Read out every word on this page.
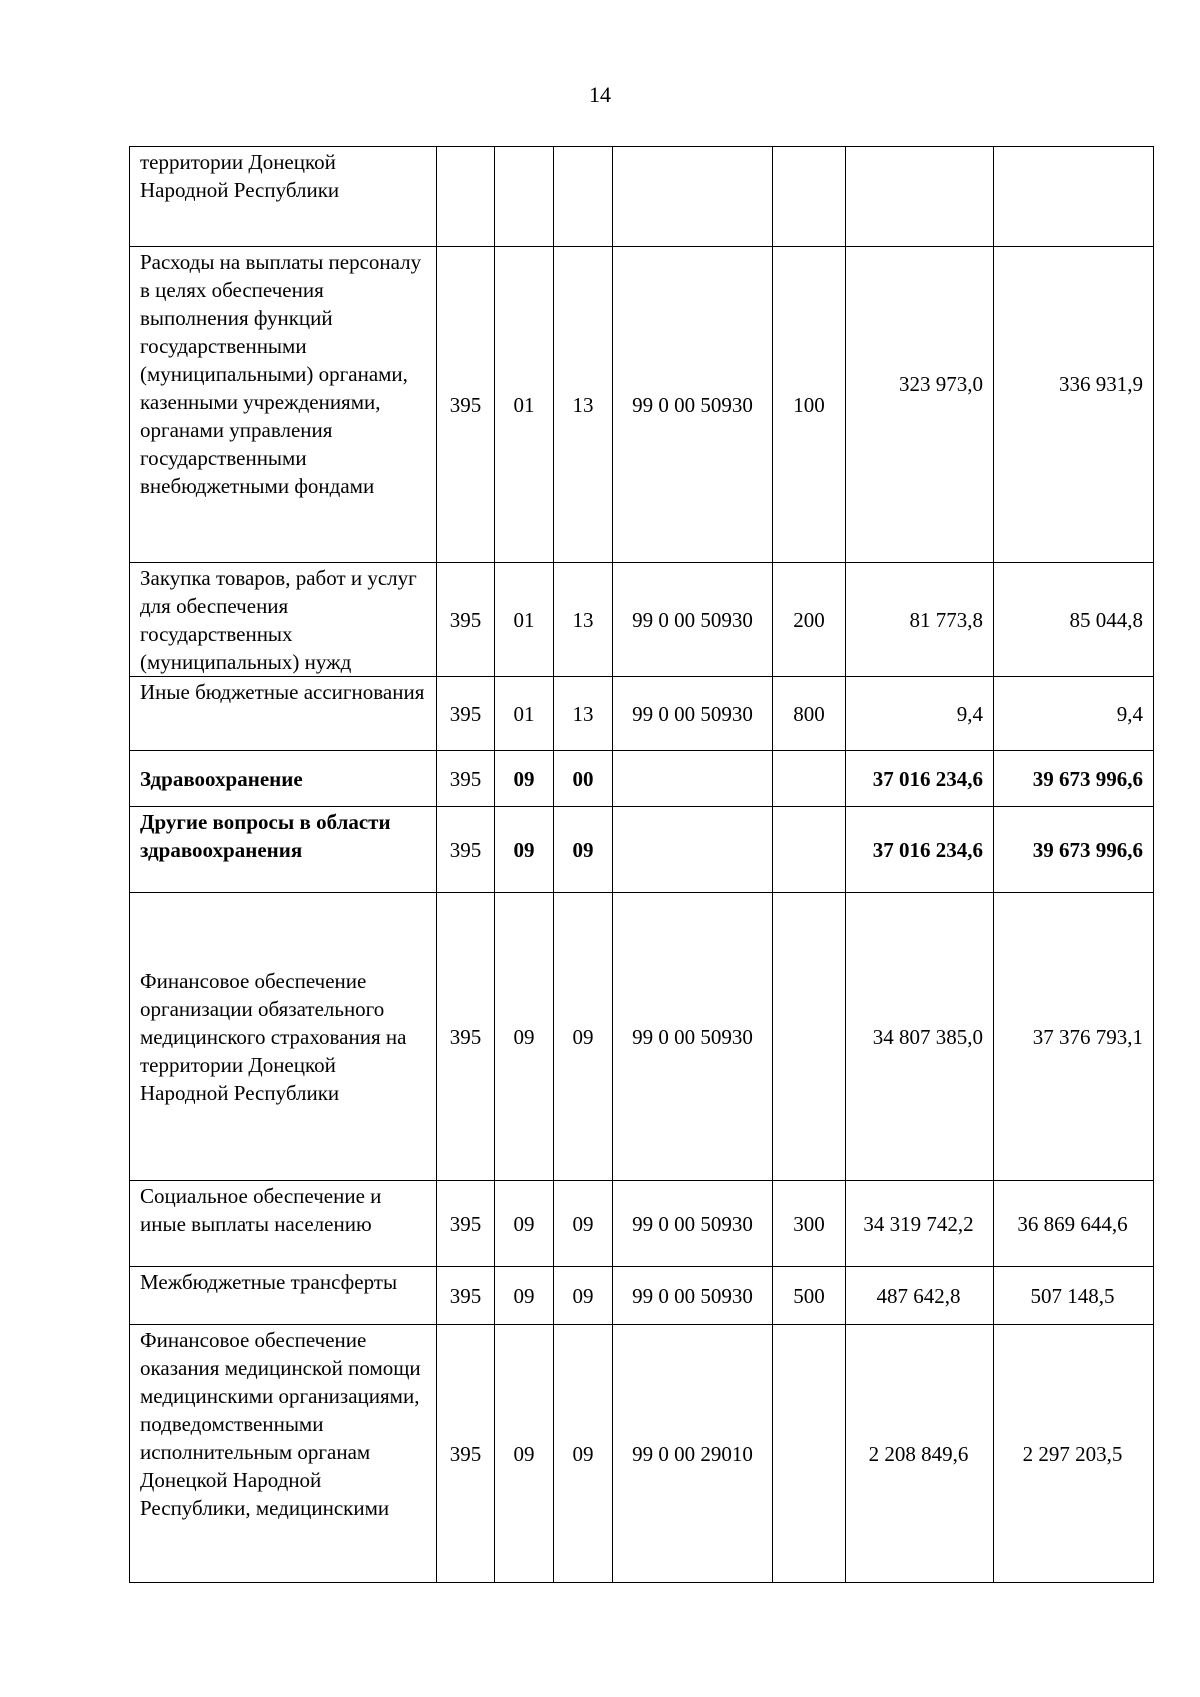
14
территории Донецкой Народной Республики							
Расходы на выплаты персоналу в целях обеспечения выполнения функций государственными (муниципальными) органами, казенными учреждениями, органами управления государственными внебюджетными фондами	395	01	13	99 0 00 50930	100	323 973,0	336 931,9
Закупка товаров, работ и услуг для обеспечения государственных (муниципальных) нужд	395	01	13	99 0 00 50930	200	81 773,8	85 044,8
Иные бюджетные ассигнования	395	01	13	99 0 00 50930	800	9,4	9,4
Здравоохранение	395	09	00			37 016 234,6	39 673 996,6
Другие вопросы в области здравоохранения	395	09	09			37 016 234,6	39 673 996,6
Финансовое обеспечение организации обязательного медицинского страхования на территории Донецкой Народной Республики	395	09	09	99 0 00 50930		34 807 385,0	37 376 793,1
Социальное обеспечение и иные выплаты населению	395	09	09	99 0 00 50930	300	34 319 742,2	36 869 644,6
Межбюджетные трансферты	395	09	09	99 0 00 50930	500	487 642,8	507 148,5
Финансовое обеспечение оказания медицинской помощи медицинскими организациями, подведомственными исполнительным органам Донецкой Народной Республики, медицинскими	395	09	09	99 0 00 29010		2 208 849,6	2 297 203,5
